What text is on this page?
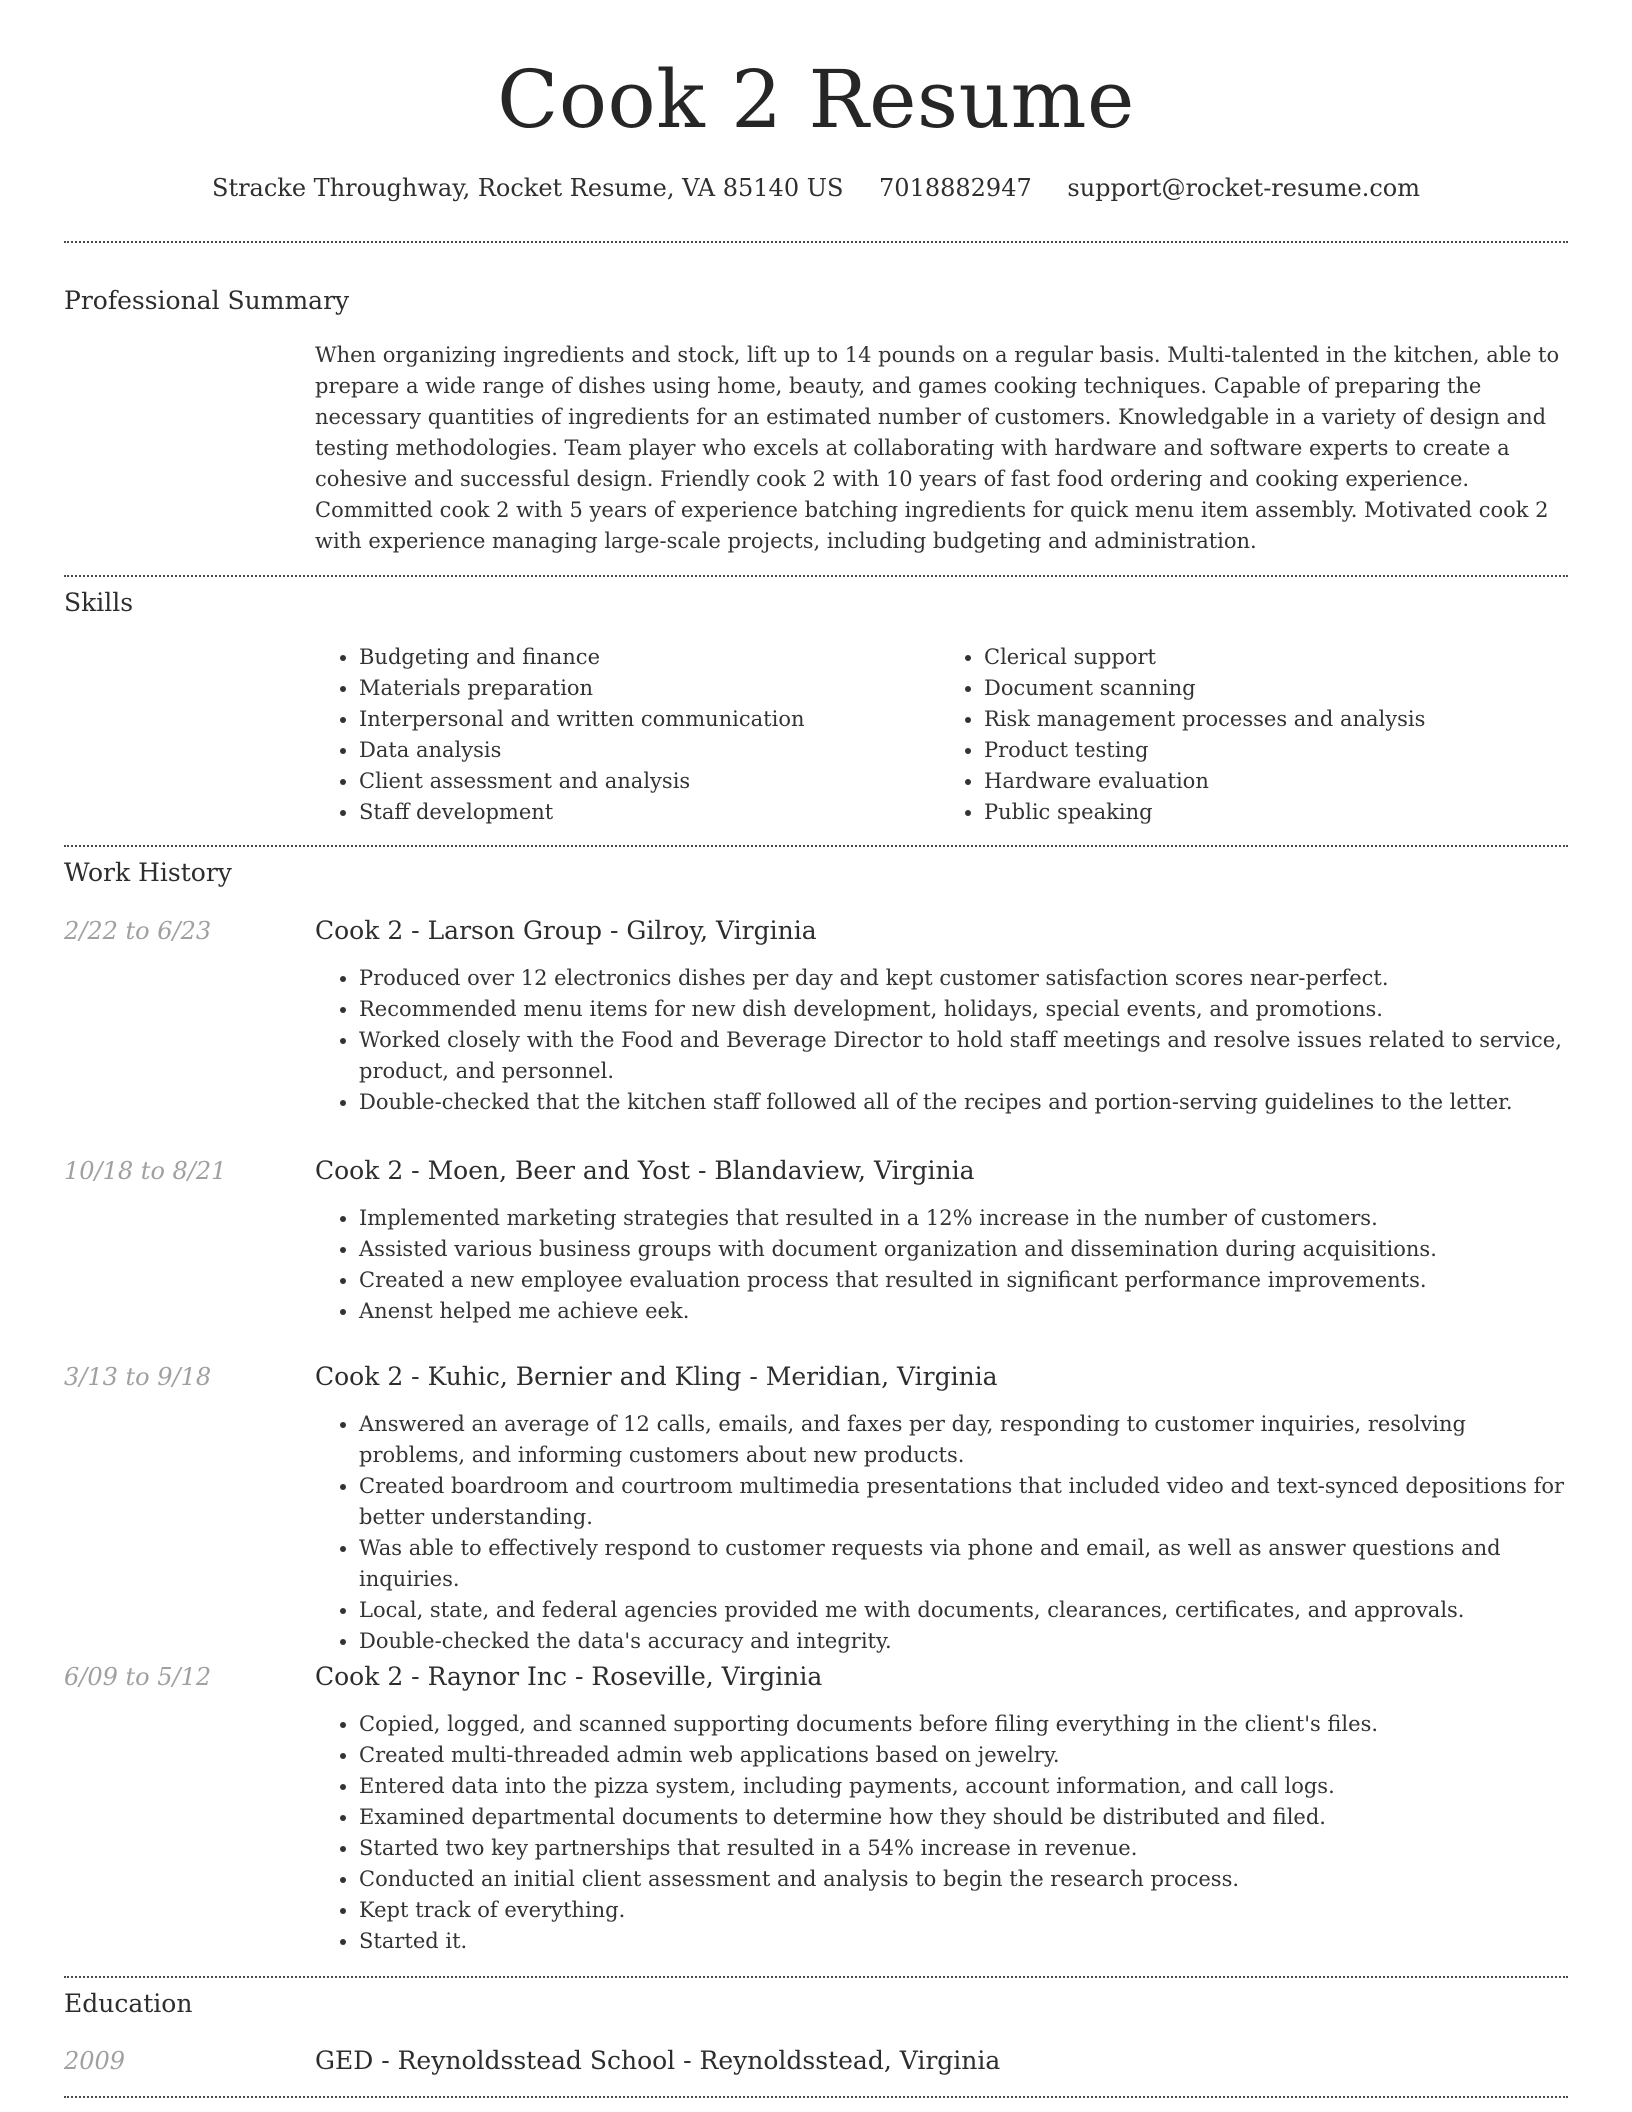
Cook 2 Resume
Stracke Throughway, Rocket Resume, VA 85140 US 7018882947 support@rocket-resume.com
Professional Summary

When organizing ingredients and stock, lift up to 14 pounds on a regular basis. Multi-talented in the kitchen, able to prepare a wide range of dishes using home, beauty, and games cooking techniques. Capable of preparing the necessary quantities of ingredients for an estimated number of customers. Knowledgable in a variety of design and testing methodologies. Team player who excels at collaborating with hardware and software experts to create a cohesive and successful design. Friendly cook 2 with 10 years of fast food ordering and cooking experience. Committed cook 2 with 5 years of experience batching ingredients for quick menu item assembly. Motivated cook 2 with experience managing large-scale projects, including budgeting and administration.

Skills
• Budgeting and finance
• Materials preparation
• Interpersonal and written communication
• Data analysis
• Client assessment and analysis
• Staff development
• Clerical support
• Document scanning
• Risk management processes and analysis
• Product testing
• Hardware evaluation
• Public speaking
Work History
2/22 to 6/23	Cook 2 - Larson Group - Gilroy, Virginia
• Produced over 12 electronics dishes per day and kept customer satisfaction scores near-perfect.
• Recommended menu items for new dish development, holidays, special events, and promotions.
• Worked closely with the Food and Beverage Director to hold staff meetings and resolve issues related to service, product, and personnel.
• Double-checked that the kitchen staff followed all of the recipes and portion-serving guidelines to the letter.
10/18 to 8/21	Cook 2 - Moen, Beer and Yost - Blandaview, Virginia
• Implemented marketing strategies that resulted in a 12% increase in the number of customers.
• Assisted various business groups with document organization and dissemination during acquisitions.
• Created a new employee evaluation process that resulted in significant performance improvements.
• Anenst helped me achieve eek.
3/13 to 9/18	Cook 2 - Kuhic, Bernier and Kling - Meridian, Virginia
• Answered an average of 12 calls, emails, and faxes per day, responding to customer inquiries, resolving problems, and informing customers about new products.
• Created boardroom and courtroom multimedia presentations that included video and text-synced depositions for better understanding.
• Was able to effectively respond to customer requests via phone and email, as well as answer questions and inquiries.
• Local, state, and federal agencies provided me with documents, clearances, certificates, and approvals.
• Double-checked the data's accuracy and integrity.
6/09 to 5/12	Cook 2 - Raynor Inc - Roseville, Virginia
• Copied, logged, and scanned supporting documents before filing everything in the client's files.
• Created multi-threaded admin web applications based on jewelry.
• Entered data into the pizza system, including payments, account information, and call logs.
• Examined departmental documents to determine how they should be distributed and filed.
• Started two key partnerships that resulted in a 54% increase in revenue.
• Conducted an initial client assessment and analysis to begin the research process.
• Kept track of everything.
• Started it.
Education
2009	GED - Reynoldsstead School - Reynoldsstead, Virginia
